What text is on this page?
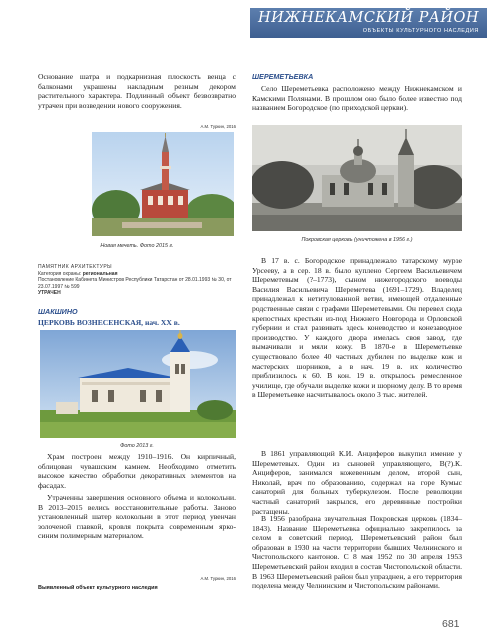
НИЖНЕКАМСКИЙ РАЙОН
ОБЪЕКТЫ КУЛЬТУРНОГО НАСЛЕДИЯ
Основание шатра и подкарнизная плоскость венца с балконами украшены накладным резным декором растительного характера. Подлинный объект безвозвратно утрачен при возведении нового сооружения.
А.М. Туркин, 2016
Новая мечеть. Фото 2015 г.
ПАМЯТНИК АРХИТЕКТУРЫ
Категория охраны: региональная
Постановление Кабинета Министров Республики Татарстан от 28.01.1993 № 30, от 23.07.1997 № 599
УТРАЧЕН
ШАКШИНО
ЦЕРКОВЬ ВОЗНЕСЕНСКАЯ, нач. XX в.
Фото 2013 г.
Храм построен между 1910–1916. Он кирпичный, облицован чувашским камнем. Необходимо отметить высокое качество обработки декоративных элементов на фасадах.
Утраченны завершения основного объема и колокольни. В 2013–2015 велись восстановительные работы. Заново установленный шатер колокольни в этот период увенчан золоченой главкой, кровля покрыта современным ярко-синим полимерным материалом.
А.М. Туркин, 2016
Выявленный объект культурного наследия
ШЕРЕМЕТЬЕВКА
Село Шереметьевка расположено между Нижнекамском и Камскими Полянами. В прошлом оно было более известно под названием Богородское (по приходской церкви).
Покровская церковь (уничтожена в 1956 г.)
В 17 в. с. Богородское принадлежало татарскому мурзе Урсеевy, а в сер. 18 в. было куплено Сергеем Васильевичем Шереметевым (?–1773), сыном нижегородского воеводы Василия Васильевича Шереметева (1691–1729). Владелец принадлежал к нетитулованной ветви, имеющей отдаленные родственные связи с графами Шереметевыми. Он перевел сюда крепостных крестьян из-под Нижнего Новгорода и Орловской губернии и стал развивать здесь коневодство и конезаводное производство. У каждого двора имелась своя завод, где вымачивали и мяли кожу. В 1870-е в Шереметьевке существовало более 40 частных дубилен по выделке кож и мастерских шорников, а в нач. 19 в. их количество приблизилось к 60. В кон. 19 в. открылось ремесленное училище, где обучали выделке кожи и шорному делу. В то время в Шереметьевке насчитывалось около 3 тыс. жителей.
В 1861 управляющий К.И. Анциферов выкупил имение у Шереметевых. Один из сыновей управляющего, В(?).К. Анциферов, занимался кожевенным делом, второй сын, Николай, врач по образованию, содержал на горе Кумыс санаторий для больных туберкулезом. После революции частный санаторий закрылся, его деревянные постройки растащены.
В 1956 разобрана звучательная Покровская церковь (1834–1843). Название Шереметьевка официально закрепилось за селом в советский период. Шереметьевский район был образован в 1930 на части территории бывших Челнинского и Чистопольского кантонов. С 8 мая 1952 по 30 апреля 1953 Шереметьевский район входил в состав Чистопольской области. В 1963 Шереметьевский район был упразднен, а его территория поделена между Челнинским и Чистопольским районами.
681
